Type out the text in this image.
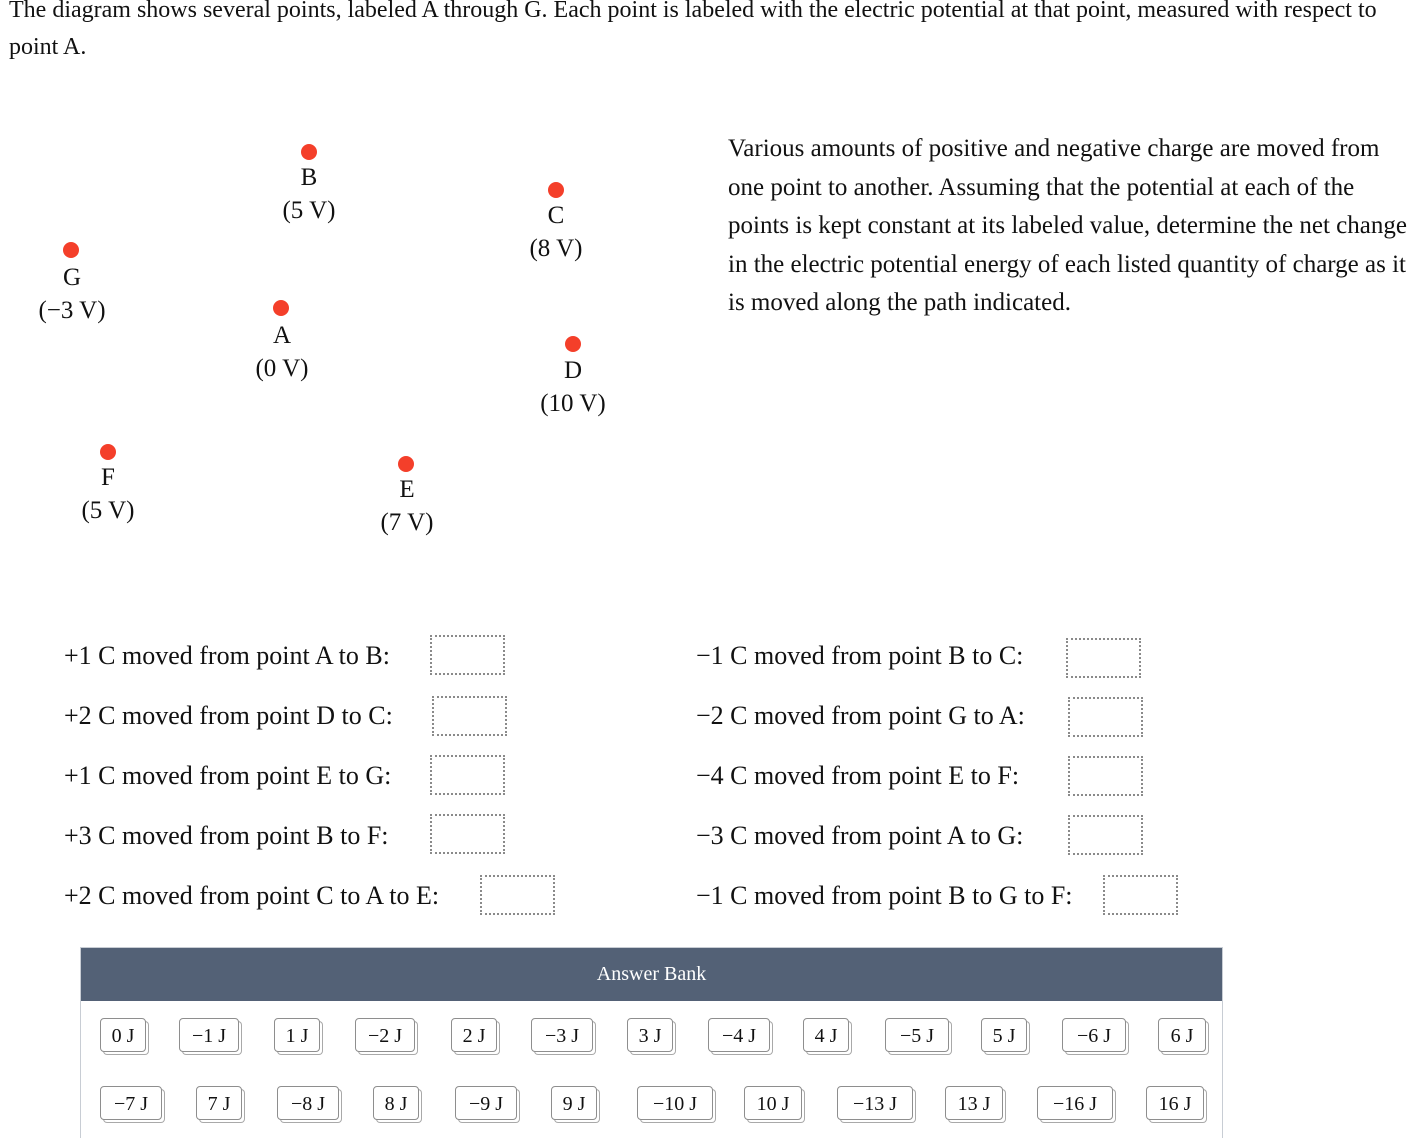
The diagram shows several points, labeled A through G. Each point is labeled with the electric potential at that point, measured with respect to point A.

B
(5 V)	C
(8 V)
G
(−3 V)
A
(0 V)	D
(10 V)
F
(5 V)
E
(7 V)

Various amounts of positive and negative charge are moved from one point to another. Assuming that the potential at each of the points is kept constant at its labeled value, determine the net change in the electric potential energy of each listed quantity of charge as it is moved along the path indicated.

+1 C moved from point A to B:
+2 C moved from point D to C:
+1 C moved from point E to G:
+3 C moved from point B to F:
+2 C moved from point C to A to E:
−1 C moved from point B to C:
−2 C moved from point G to A:
−4 C moved from point E to F:
−3 C moved from point A to G:
−1 C moved from point B to G to F:
Answer Bank
0 J	−1 J	1 J	−2 J	2 J	−3 J	3 J	−4 J	4 J	−5 J	5 J	−6 J	6 J
−7 J	7 J	−8 J	8 J	−9 J	9 J	−10 J	10 J	−13 J	13 J	−16 J	16 J
